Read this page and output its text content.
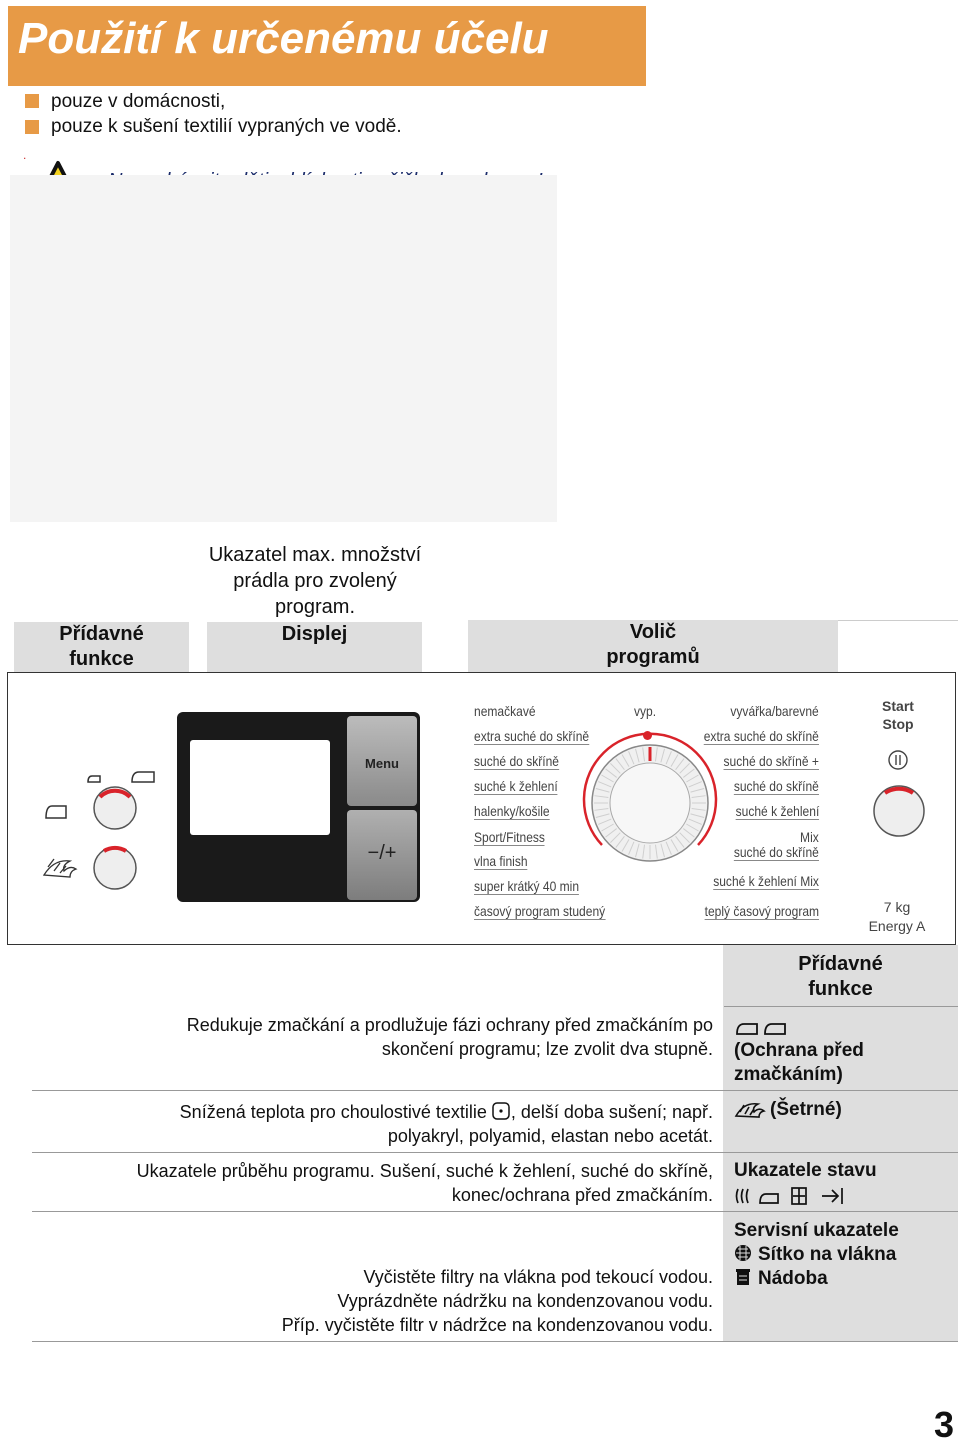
Použití k určenému účelu
pouze v domácnosti,
pouze k sušení textilií vypraných ve vodě.
.
Ukazatel max. množství
prádla pro zvolený
program.
Přídavné
funkce
Displej	Volič
programů
Menu
−/+
nemačkavé
extra suché do skříně
suché do skříně
suché k žehlení
halenky/košile
Sport/Fitness
vlna finish
super krátký 40 min
časový program studený
vyp.	vyvářka/barevné
extra suché do skříně
suché do skříně +
suché do skříně
suché k žehlení
Mix
suché do skříně
suché k žehlení Mix
teplý časový program
Start
Stop
7 kg
Energy A
Přídavné
funkce
(Ochrana před
zmačkáním)
Redukuje zmačkání a prodlužuje fázi ochrany před zmačkáním po
skončení programu; lze zvolit dva stupně.
(Šetrné)
Snížená teplota pro choulostivé textilie , delší doba sušení; např.
polyakryl, polyamid, elastan nebo acetát.
Ukazatele stavu
Ukazatele průběhu programu. Sušení, suché k žehlení, suché do skříně,
konec/ochrana před zmačkáním.
Servisní ukazatele
Sítko na vlákna
Nádoba
Vyčistěte filtry na vlákna pod tekoucí vodou.
Vyprázdněte nádržku na kondenzovanou vodu.
Příp. vyčistěte filtr v nádržce na kondenzovanou vodu.
3
